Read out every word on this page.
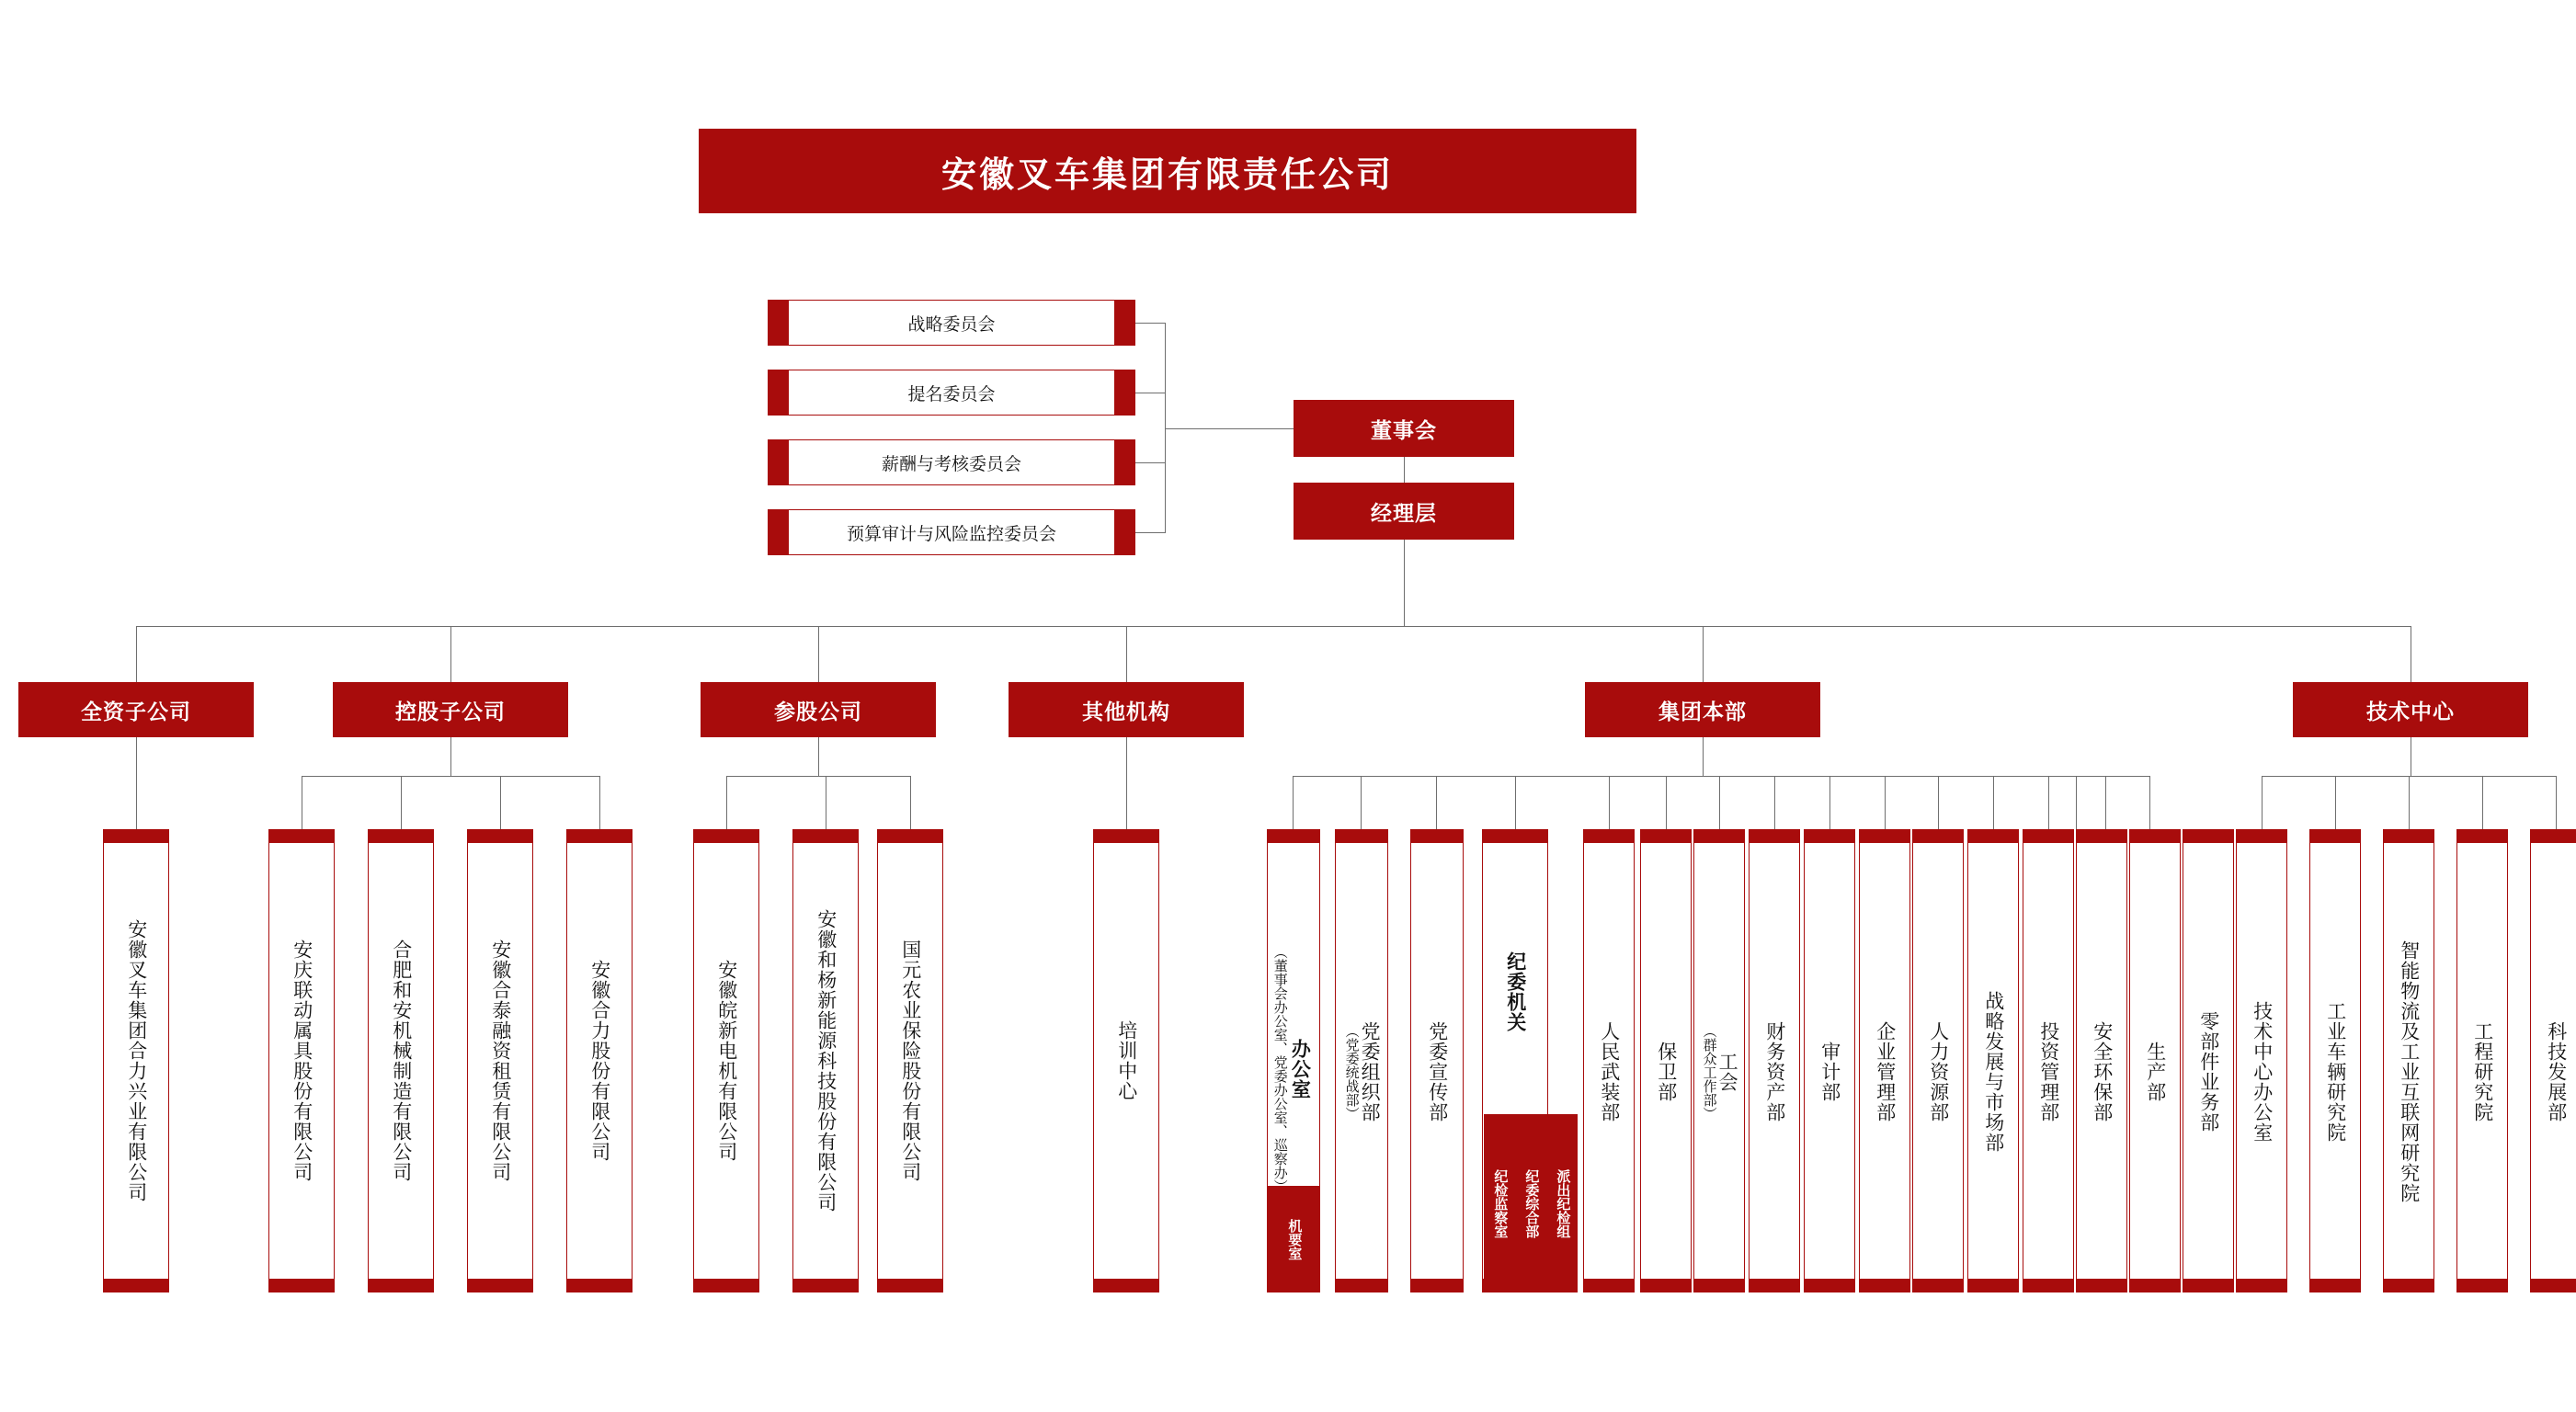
安徽叉车集团有限责任公司
战略委员会
提名委员会
薪酬与考核委员会
预算审计与风险监控委员会
董事会
经理层
全资子公司	控股子公司	参股公司	其他机构	集团本部	技术中心
安徽叉车集团合力兴业有限公司	安庆联动属具股份有限公司	合肥和安机械制造有限公司	安徽合泰融资租赁有限公司	安徽合力股份有限公司	安徽皖新电机有限公司	安徽和杨新能源科技股份有限公司	国元农业保险股份有限公司	培训中心	（董事会办公室、党委办公室、巡察办） 办公室
机要室
（党委统战部） 党委组织部 党委宣传部
纪委机关
纪检监察室 纪委综合部 派出纪检组
人民武装部 保卫部 （群众工作部） 工会 财务资产部 审计部 企业管理部 人力资源部 战略发展与市场部 投资管理部 安全环保部 生产部 零部件业务部 技术中心办公室	工业车辆研究院	智能物流及工业互联网研究院	工程研究院	科技发展部
